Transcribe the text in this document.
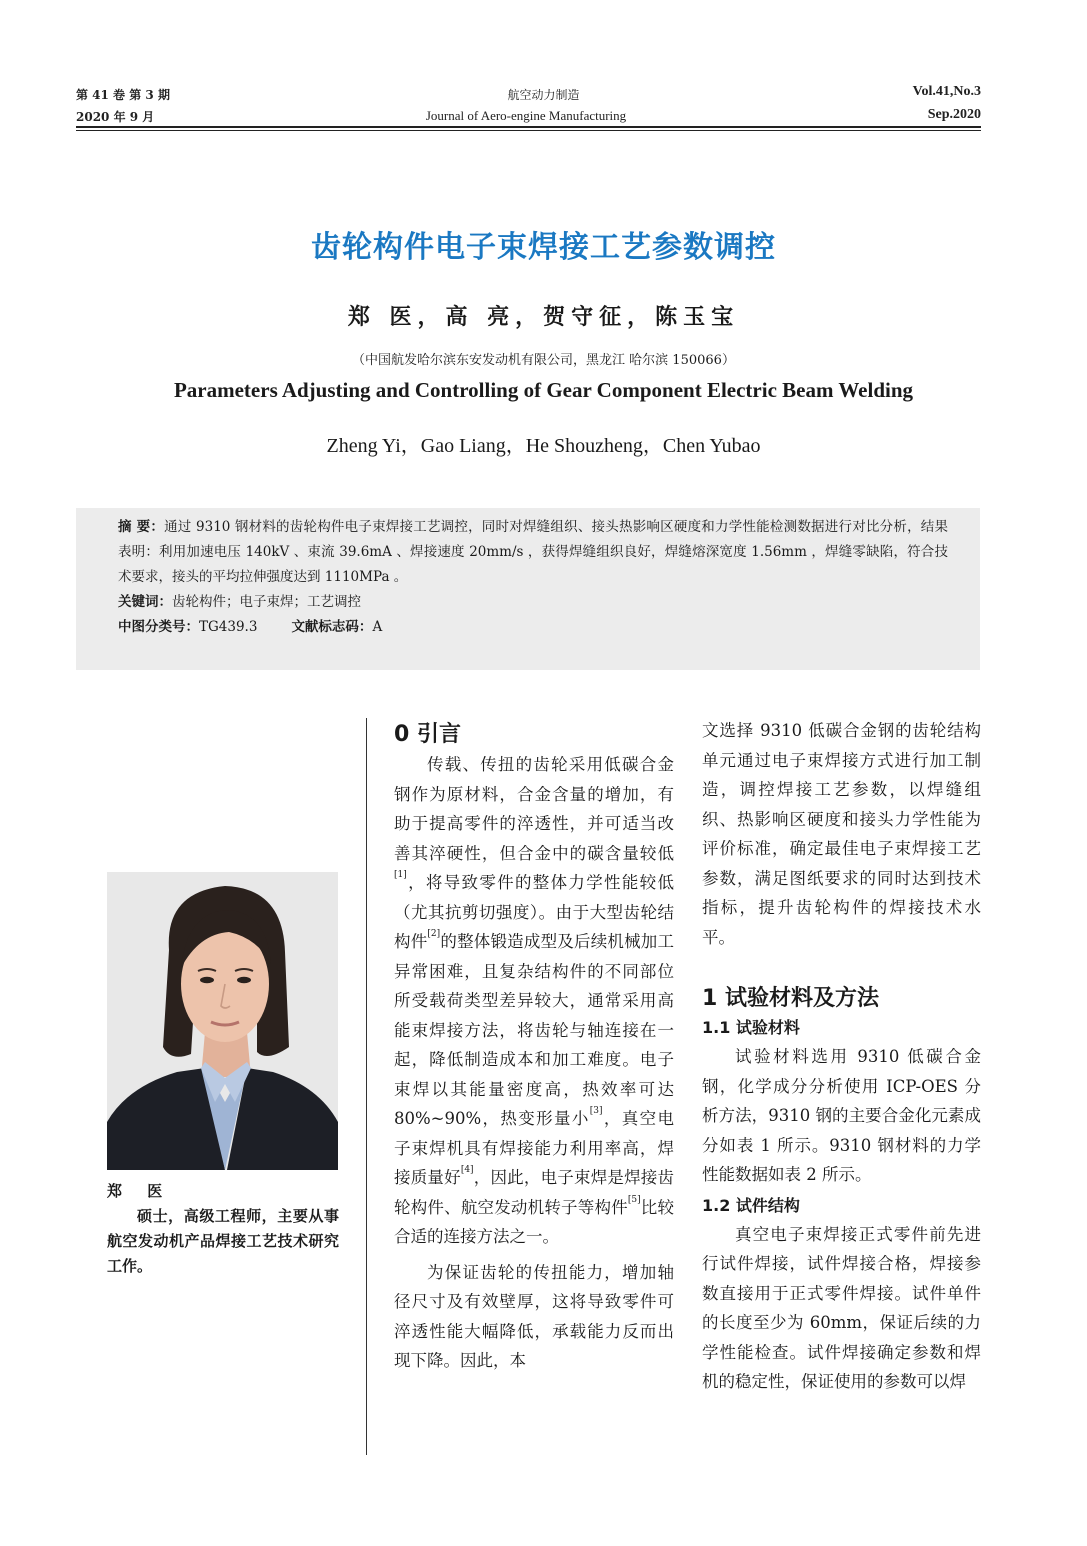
第 41 卷 第 3 期
2020 年 9 月
航空动力制造
Journal of Aero-engine Manufacturing
Vol.41,No.3
Sep.2020
齿轮构件电子束焊接工艺参数调控
郑 医，高 亮，贺守征，陈玉宝
（中国航发哈尔滨东安发动机有限公司，黑龙江 哈尔滨 150066）
Parameters Adjusting and Controlling of Gear Component Electric Beam Welding
Zheng Yi，Gao Liang，He Shouzheng，Chen Yubao

摘 要：通过 9310 钢材料的齿轮构件电子束焊接工艺调控，同时对焊缝组织、接头热影响区硬度和力学性能检测数据进行对比分析，结果表明：利用加速电压 140kV 、束流 39.6mA 、焊接速度 20mm/s ，获得焊缝组织良好，焊缝熔深宽度 1.56mm ，焊缝零缺陷，符合技术要求，接头的平均拉伸强度达到 1110MPa 。

关键词：齿轮构件；电子束焊；工艺调控

中图分类号：TG439.3	文献标志码：A

郑 医
硕士，高级工程师，主要从事航空发动机产品焊接工艺技术研究工作。
0 引言

传载、传扭的齿轮采用低碳合金钢作为原材料，合金含量的增加，有助于提高零件的淬透性，并可适当改善其淬硬性，但合金中的碳含量较低[1]，将导致零件的整体力学性能较低（尤其抗剪切强度）。由于大型齿轮结构件[2]的整体锻造成型及后续机械加工异常困难，且复杂结构件的不同部位所受载荷类型差异较大，通常采用高能束焊接方法，将齿轮与轴连接在一起，降低制造成本和加工难度。电子束焊以其能量密度高，热效率可达 80%~90%，热变形量小[3]，真空电子束焊机具有焊接能力利用率高，焊接质量好[4]，因此，电子束焊是焊接齿轮构件、航空发动机转子等构件[5]比较合适的连接方法之一。

为保证齿轮的传扭能力，增加轴径尺寸及有效壁厚，这将导致零件可淬透性能大幅降低，承载能力反而出现下降。因此，本

文选择 9310 低碳合金钢的齿轮结构单元通过电子束焊接方式进行加工制造，调控焊接工艺参数，以焊缝组织、热影响区硬度和接头力学性能为评价标准，确定最佳电子束焊接工艺参数，满足图纸要求的同时达到技术指标，提升齿轮构件的焊接技术水平。

1 试验材料及方法
1.1 试验材料

试验材料选用 9310 低碳合金钢，化学成分分析使用 ICP-OES 分析方法，9310 钢的主要合金化元素成分如表 1 所示。9310 钢材料的力学性能数据如表 2 所示。

1.2 试件结构

真空电子束焊接正式零件前先进行试件焊接，试件焊接合格，焊接参数直接用于正式零件焊接。试件单件的长度至少为 60mm，保证后续的力学性能检查。试件焊接确定参数和焊机的稳定性，保证使用的参数可以焊
